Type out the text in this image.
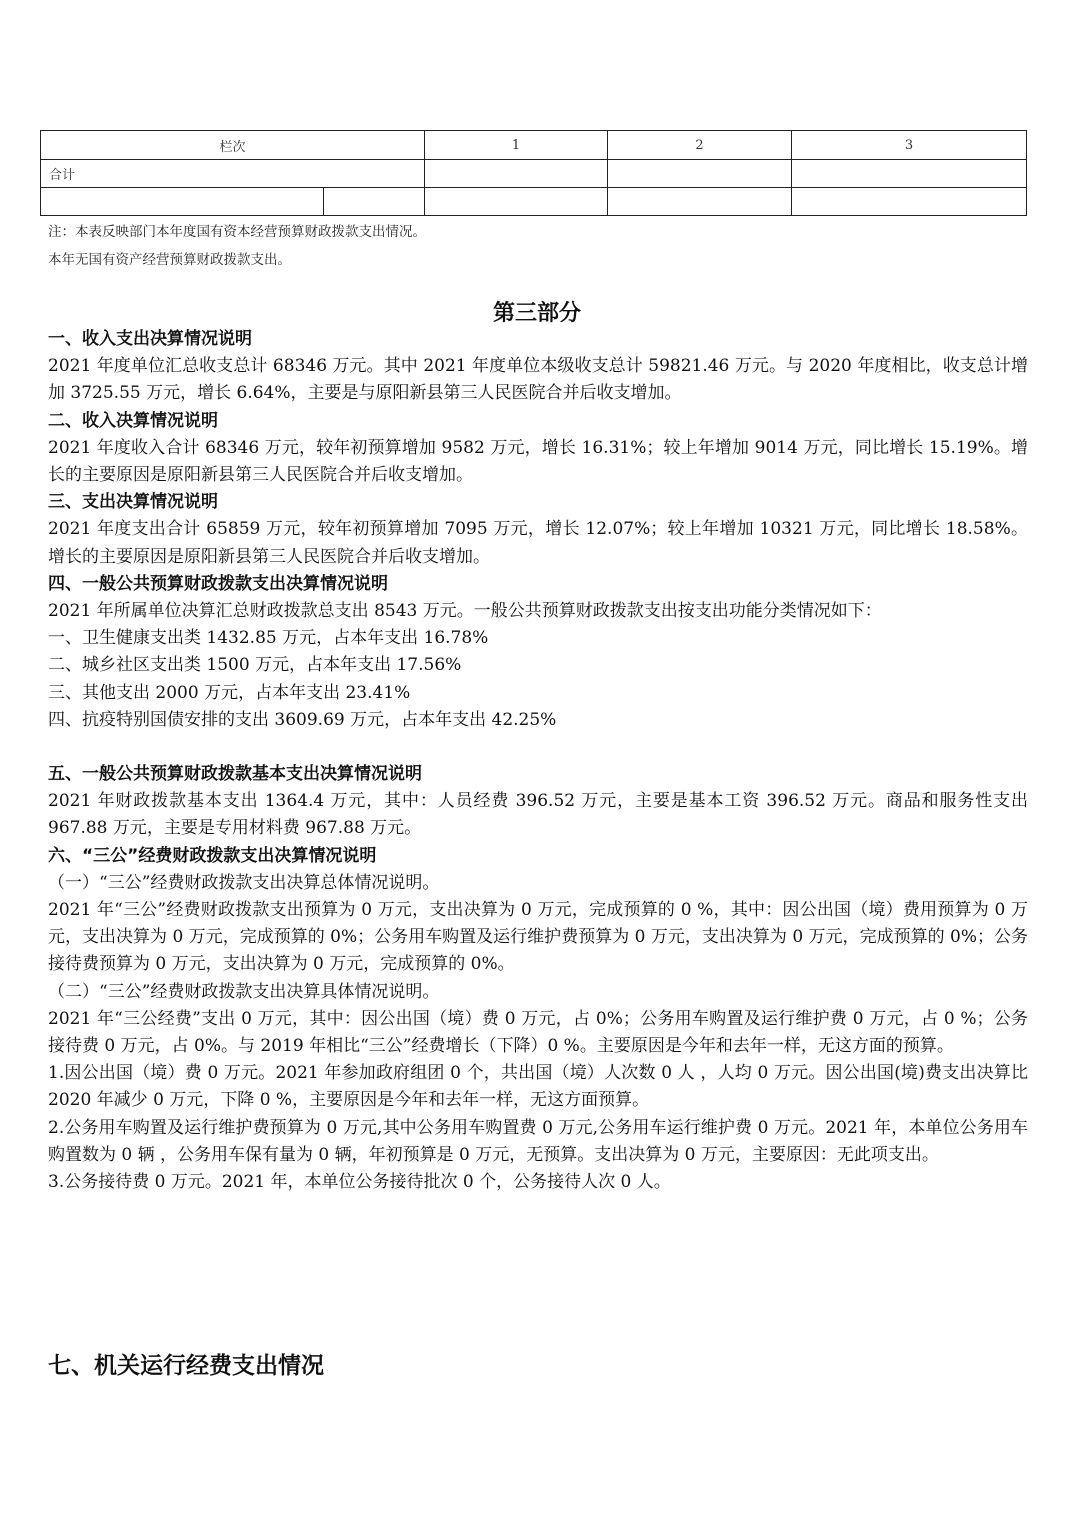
栏次		1	2	3
合计				

注：本表反映部门本年度国有资本经营预算财政拨款支出情况。
本年无国有资产经营预算财政拨款支出。
第三部分

一、收入支出决算情况说明

2021 年度单位汇总收支总计 68346 万元。其中 2021 年度单位本级收支总计 59821.46 万元。与 2020 年度相比，收支总计增加 3725.55 万元，增长 6.64%，主要是与原阳新县第三人民医院合并后收支增加。

二、收入决算情况说明

2021 年度收入合计 68346 万元，较年初预算增加 9582 万元，增长 16.31%；较上年增加 9014 万元，同比增长 15.19%。增长的主要原因是原阳新县第三人民医院合并后收支增加。

三、支出决算情况说明

2021 年度支出合计 65859 万元，较年初预算增加 7095 万元，增长 12.07%；较上年增加 10321 万元，同比增长 18.58%。增长的主要原因是原阳新县第三人民医院合并后收支增加。

四、一般公共预算财政拨款支出决算情况说明

2021 年所属单位决算汇总财政拨款总支出 8543 万元。一般公共预算财政拨款支出按支出功能分类情况如下：

一、卫生健康支出类 1432.85 万元，占本年支出 16.78%

二、城乡社区支出类 1500 万元，占本年支出 17.56%

三、其他支出 2000 万元，占本年支出 23.41%

四、抗疫特别国债安排的支出 3609.69 万元，占本年支出 42.25%

五、一般公共预算财政拨款基本支出决算情况说明

2021 年财政拨款基本支出 1364.4 万元，其中：人员经费 396.52 万元，主要是基本工资 396.52 万元。商品和服务性支出 967.88 万元，主要是专用材料费 967.88 万元。

六、“三公”经费财政拨款支出决算情况说明

（一）“三公”经费财政拨款支出决算总体情况说明。

2021 年“三公”经费财政拨款支出预算为 0 万元，支出决算为 0 万元，完成预算的 0 %，其中：因公出国（境）费用预算为 0 万元，支出决算为 0 万元，完成预算的 0%；公务用车购置及运行维护费预算为 0 万元，支出决算为 0 万元，完成预算的 0%；公务接待费预算为 0 万元，支出决算为 0 万元，完成预算的 0%。

（二）“三公”经费财政拨款支出决算具体情况说明。

2021 年“三公经费”支出 0 万元，其中：因公出国（境）费 0 万元，占 0%；公务用车购置及运行维护费 0 万元，占 0 %；公务接待费 0 万元，占 0%。与 2019 年相比“三公”经费增长（下降）0 %。主要原因是今年和去年一样，无这方面的预算。

1.因公出国（境）费 0 万元。2021 年参加政府组团 0 个，共出国（境）人次数 0 人 ，人均 0 万元。因公出国(境)费支出决算比 2020 年减少 0 万元，下降 0 %，主要原因是今年和去年一样，无这方面预算。

2.公务用车购置及运行维护费预算为 0 万元,其中公务用车购置费 0 万元,公务用车运行维护费 0 万元。2021 年，本单位公务用车购置数为 0 辆 ，公务用车保有量为 0 辆，年初预算是 0 万元，无预算。支出决算为 0 万元，主要原因：无此项支出。

3.公务接待费 0 万元。2021 年，本单位公务接待批次 0 个，公务接待人次 0 人。

七、机关运行经费支出情况
